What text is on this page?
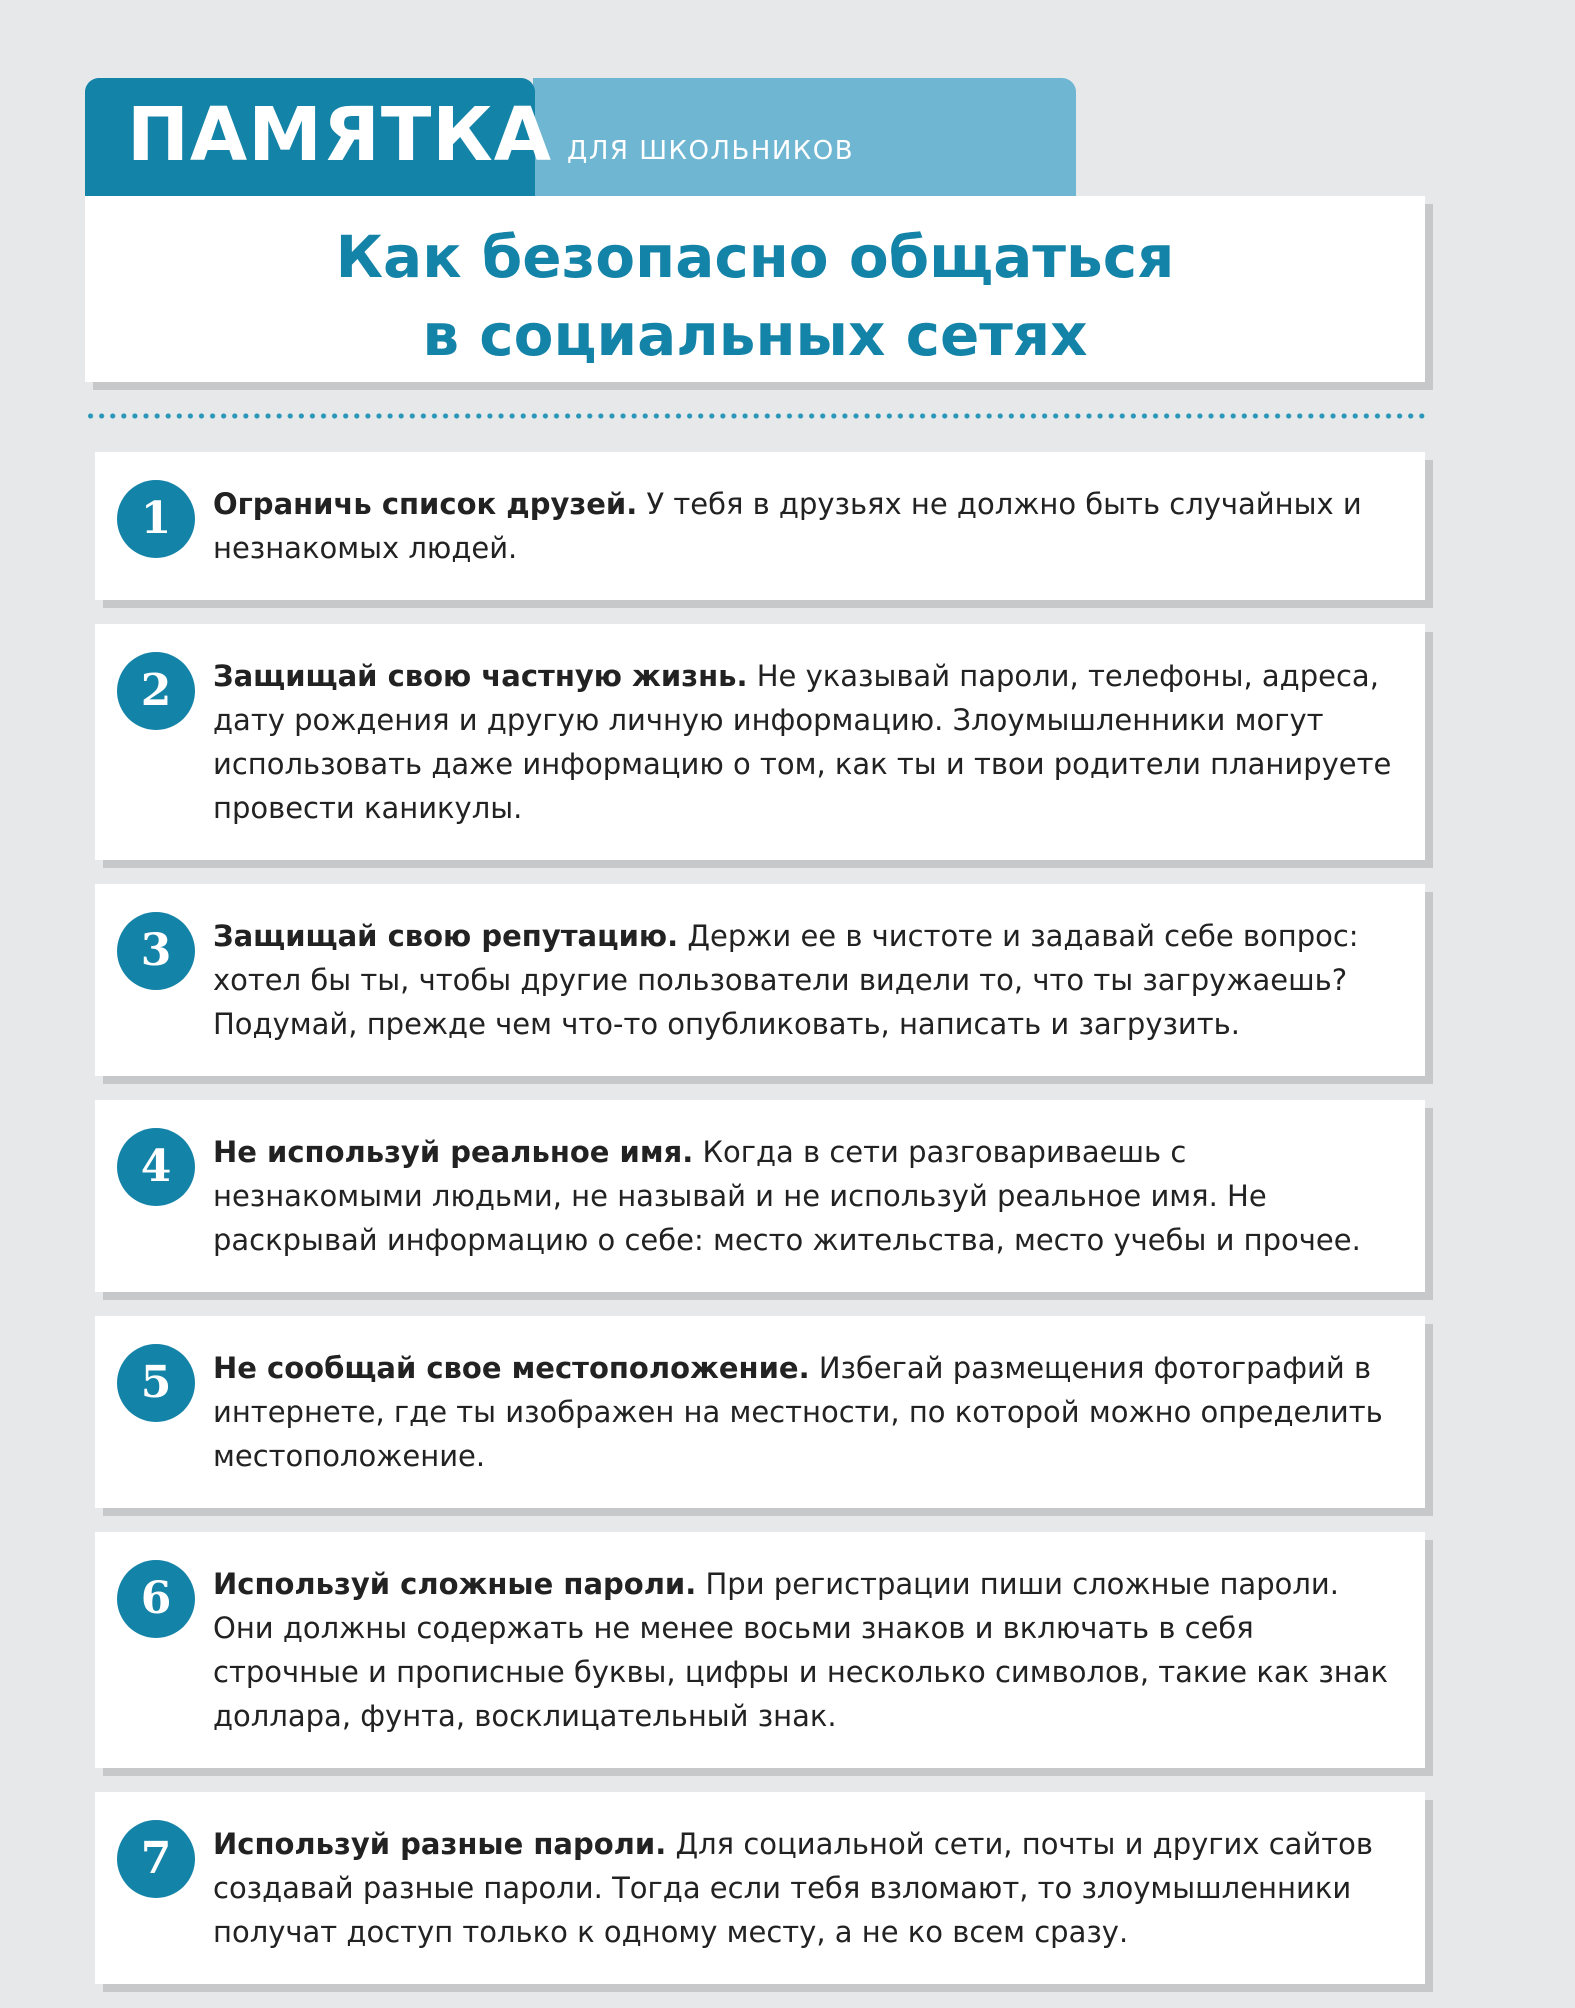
ПАМЯТКА ДЛЯ ШКОЛЬНИКОВ
Как безопасно общаться
в социальных сетях
1	Ограничь список друзей. У тебя в друзьях не должно быть случайных и незнакомых людей.

2	Защищай свою частную жизнь. Не указывай пароли, телефоны, адреса, дату рождения и другую личную информацию. Злоумышленники могут использовать даже информацию о том, как ты и твои родители планируете провести каникулы.

3	Защищай свою репутацию. Держи ее в чистоте и задавай себе вопрос: хотел бы ты, чтобы другие пользователи видели то, что ты загружаешь? Подумай, прежде чем что-то опубликовать, написать и загрузить.

4	Не используй реальное имя. Когда в сети разговариваешь с незнакомыми людьми, не называй и не используй реальное имя. Не раскрывай информацию о себе: место жительства, место учебы и прочее.

5	Не сообщай свое местоположение. Избегай размещения фотографий в интернете, где ты изображен на местности, по которой можно определить местоположение.

6	Используй сложные пароли. При регистрации пиши сложные пароли. Они должны содержать не менее восьми знаков и включать в себя строчные и прописные буквы, цифры и несколько символов, такие как знак доллара, фунта, восклицательный знак.

7	Используй разные пароли. Для социальной сети, почты и других сайтов создавай разные пароли. Тогда если тебя взломают, то злоумышленники получат доступ только к одному месту, а не ко всем сразу.
